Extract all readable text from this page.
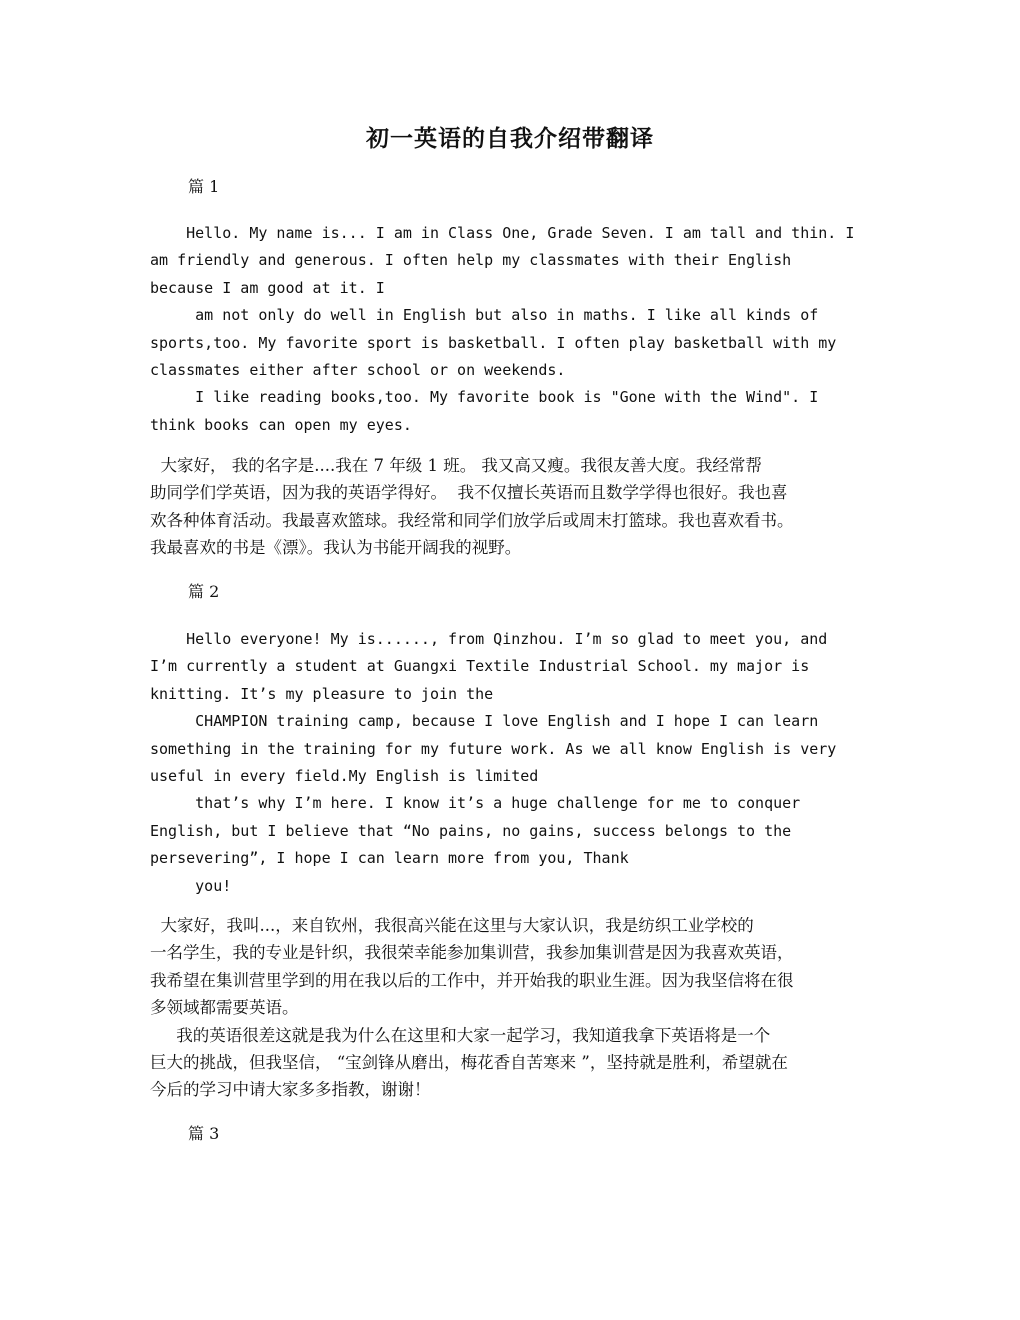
初一英语的自我介绍带翻译
篇 1
Hello. My name is... I am in Class One, Grade Seven. I am tall and thin. I
am friendly and generous. I often help my classmates with their English
because I am good at it. I
am not only do well in English but also in maths. I like all kinds of
sports,too. My favorite sport is basketball. I often play basketball with my
classmates either after school or on weekends.
I like reading books,too. My favorite book is "Gone with the Wind". I
think books can open my eyes.
大家好， 我的名字是....我在 7 年级 1 班。 我又高又瘦。我很友善大度。我经常帮
助同学们学英语，因为我的英语学得好。  我不仅擅长英语而且数学学得也很好。我也喜
欢各种体育活动。我最喜欢篮球。我经常和同学们放学后或周末打篮球。我也喜欢看书。
我最喜欢的书是《漂》。我认为书能开阔我的视野。
篇 2
Hello everyone! My is......, from Qinzhou. I’m so glad to meet you, and
I’m currently a student at Guangxi Textile Industrial School. my major is
knitting. It’s my pleasure to join the
CHAMPION training camp, because I love English and I hope I can learn
something in the training for my future work. As we all know English is very
useful in every field.My English is limited
that’s why I’m here. I know it’s a huge challenge for me to conquer
English, but I believe that “No pains, no gains, success belongs to the
persevering”, I hope I can learn more from you, Thank
you!
大家好，我叫...，来自钦州，我很高兴能在这里与大家认识，我是纺织工业学校的
一名学生，我的专业是针织，我很荣幸能参加集训营，我参加集训营是因为我喜欢英语，
我希望在集训营里学到的用在我以后的工作中，并开始我的职业生涯。因为我坚信将在很
多领域都需要英语。
我的英语很差这就是我为什么在这里和大家一起学习，我知道我拿下英语将是一个
巨大的挑战，但我坚信， “宝剑锋从磨出，梅花香自苦寒来 ”，坚持就是胜利，希望就在
今后的学习中请大家多多指教，谢谢！
篇 3
